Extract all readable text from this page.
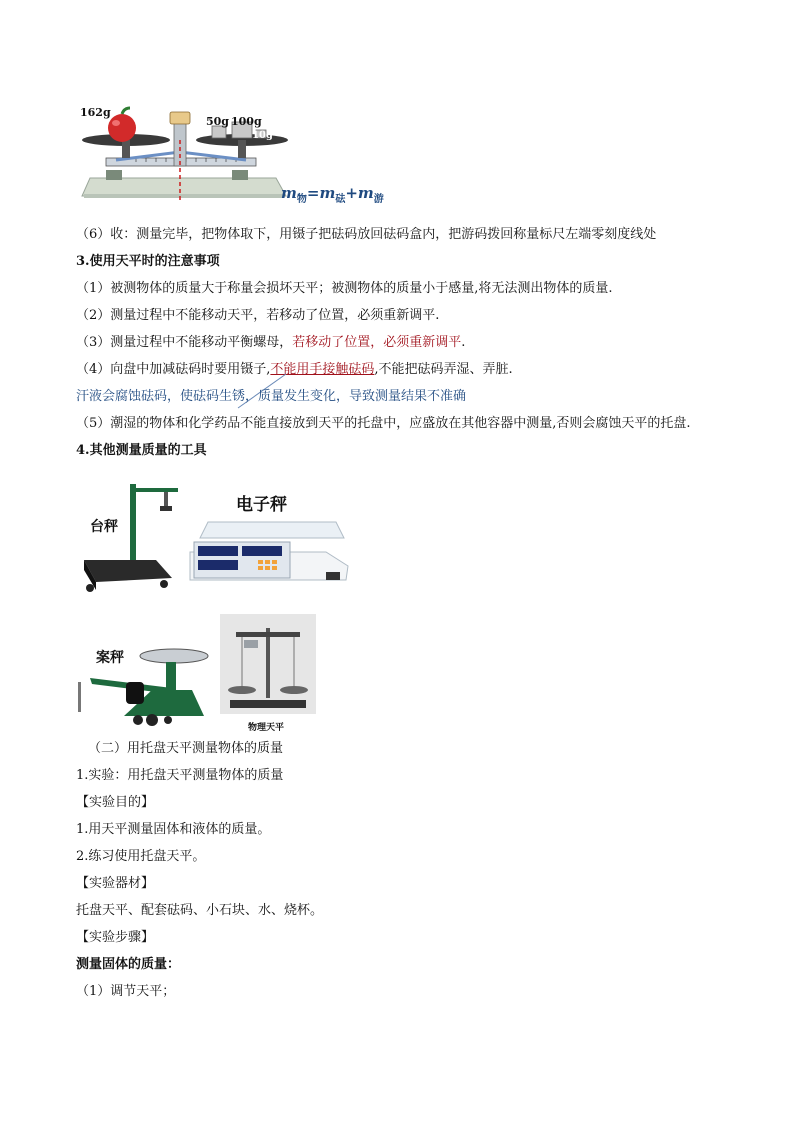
162g
50g 100g
10g
$m_物=m_砝+m_游$
（6）收：测量完毕，把物体取下，用镊子把砝码放回砝码盒内，把游码拨回称量标尺左端零刻度线处
3.使用天平时的注意事项
（1）被测物体的质量大于称量会损坏天平；被测物体的质量小于感量,将无法测出物体的质量.
（2）测量过程中不能移动天平，若移动了位置，必须重新调平.
（3）测量过程中不能移动平衡螺母，若移动了位置，必须重新调平.
（4）向盘中加减砝码时要用镊子,不能用手接触砝码,不能把砝码弄湿、弄脏.
汗液会腐蚀砝码，使砝码生锈，质量发生变化，导致测量结果不准确
（5）潮湿的物体和化学药品不能直接放到天平的托盘中，应盛放在其他容器中测量,否则会腐蚀天平的托盘.
4.其他测量质量的工具
台秤
电子秤
案秤
物理天平
（二）用托盘天平测量物体的质量
1.实验：用托盘天平测量物体的质量
【实验目的】
1.用天平测量固体和液体的质量。
2.练习使用托盘天平。
【实验器材】
托盘天平、配套砝码、小石块、水、烧杯。
【实验步骤】
测量固体的质量：
（1）调节天平；
